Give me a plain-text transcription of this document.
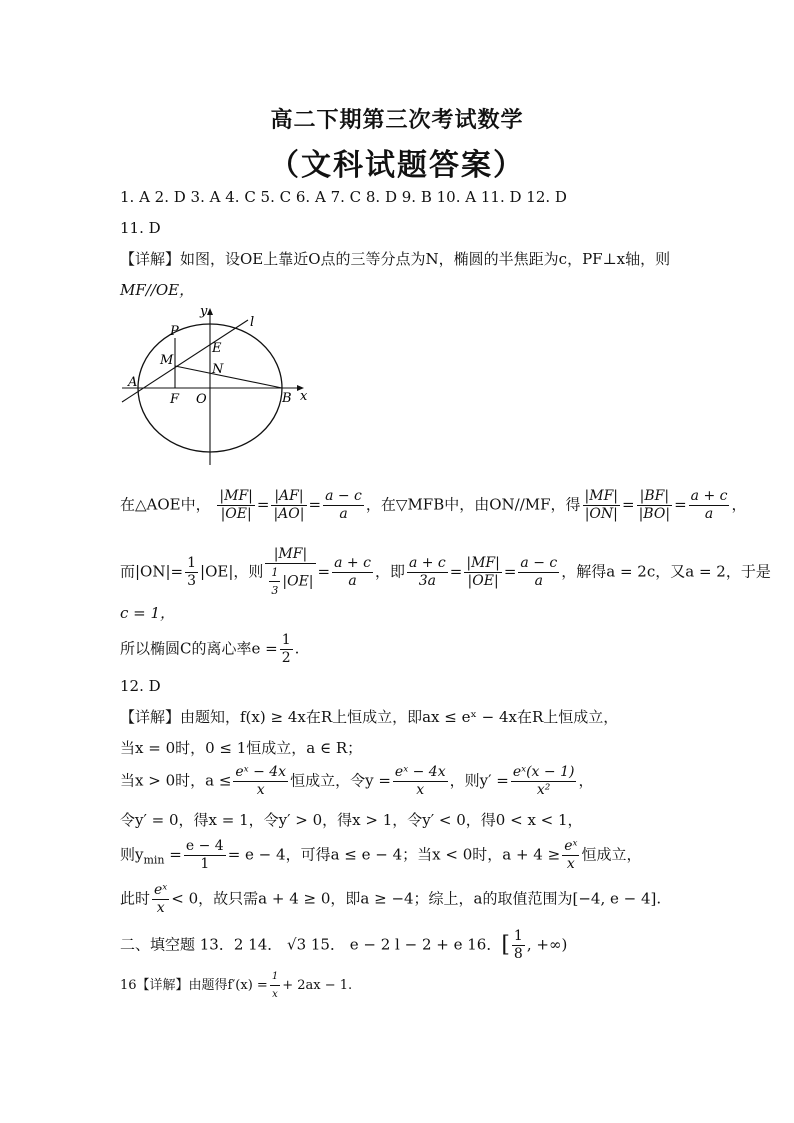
高二下期第三次考试数学
（文科试题答案）
1. A 2. D 3. A 4. C 5. C 6. A 7. C 8. D 9. B 10. A 11. D 12. D
11. D
【详解】如图，设OE上靠近O点的三等分点为N，椭圆的半焦距为c，PF⊥x轴，则
MF//OE，
y
l
P
E
M
N
A
F O	B x
在△AOE中， $\frac{|MF|}{|OE|} = \frac{|AF|}{|AO|} = \frac{a - c}{a}$ ，在▽MFB中，由ON//MF，得 $\frac{|MF|}{|ON|} = \frac{|BF|}{|BO|} = \frac{a + c}{a}$ ，
而$|ON|= \frac{1}{3} |OE|$，则 $\frac{|MF|}{\frac{1}{3} |OE|} = \frac{a + c}{a}$ ，即 $\frac{a + c}{3a} = \frac{|MF|}{|OE|} = \frac{a - c}{a}$ ，解得a = 2c，又a = 2，于是
c = 1，
所以椭圆C的离心率$e = \frac{1}{2}$ .
12. D
【详解】由题知，f(x) ≥ 4x在R上恒成立，即ax ≤ eˣ − 4x在R上恒成立，
当x = 0时，0 ≤ 1恒成立，a ∈ R；
当x > 0时，$a \le \frac{\text{eˣ − 4x}}{x}$ 恒成立，令$y = \frac{\text{eˣ − 4x}}{x}$ ，则$y' = \frac{\text{eˣ(x − 1)}}{\text{x²}}$ ，
令y′ = 0，得x = 1，令y′ > 0，得x > 1，令y′ < 0，得0 < x < 1，
则$y_{min} = \frac{e - 4}{1} = e - 4$，可得a ≤ e − 4；当x < 0时，$a + 4 \ge \frac{\text{eˣ}}{x}$ 恒成立，
此时 $\frac{\text{eˣ}}{x} < 0$，故只需a + 4 ≥ 0，即a ≥ −4；综上，a的取值范围为[−4, e − 4].
二、填空题 13．2 14． √3 15． e − 2 l − 2 + e 16．[ $\frac{1}{8}$ , +∞)
16【详解】由题得$f'(x) = \frac{1}{x} + 2ax - 1$.
